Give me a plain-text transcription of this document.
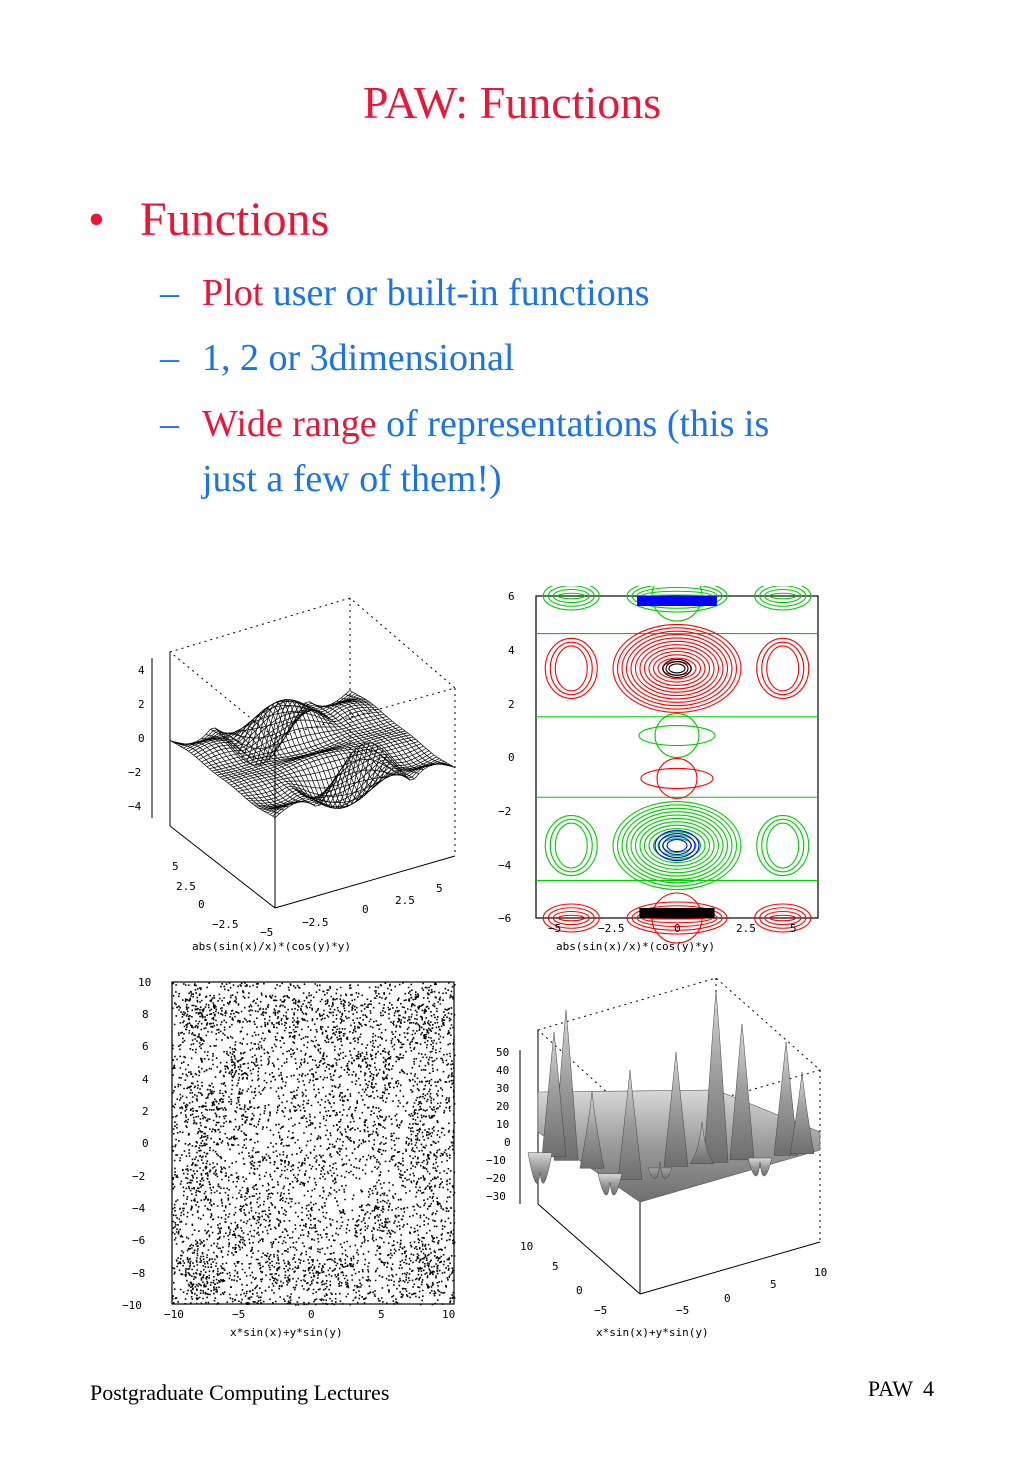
PAW: Functions
• Functions
– Plot user or built-in functions
– 1, 2 or 3dimensional
– Wide range of representations (this is
just a few of them!)
4
2
0
−2
−4
5
2.5
0
−2.5
−5
−2.5
0
2.5
5
abs(sin(x)/x)*(cos(y)*y)
6
4
2
0
−2
−4
−6
−5	−2.5	0	2.5	5
abs(sin(x)/x)*(cos(y)*y)
10
8
6
4
2
0
−2
−4
−6
−8
−10
−10	−5	0	5	10
x*sin(x)+y*sin(y)
50
40
30
20
10
0
−10
−20
−30
10
5
0
−5	−5
0
5
10
x*sin(x)+y*sin(y)
Postgraduate Computing Lectures	PAW 4
